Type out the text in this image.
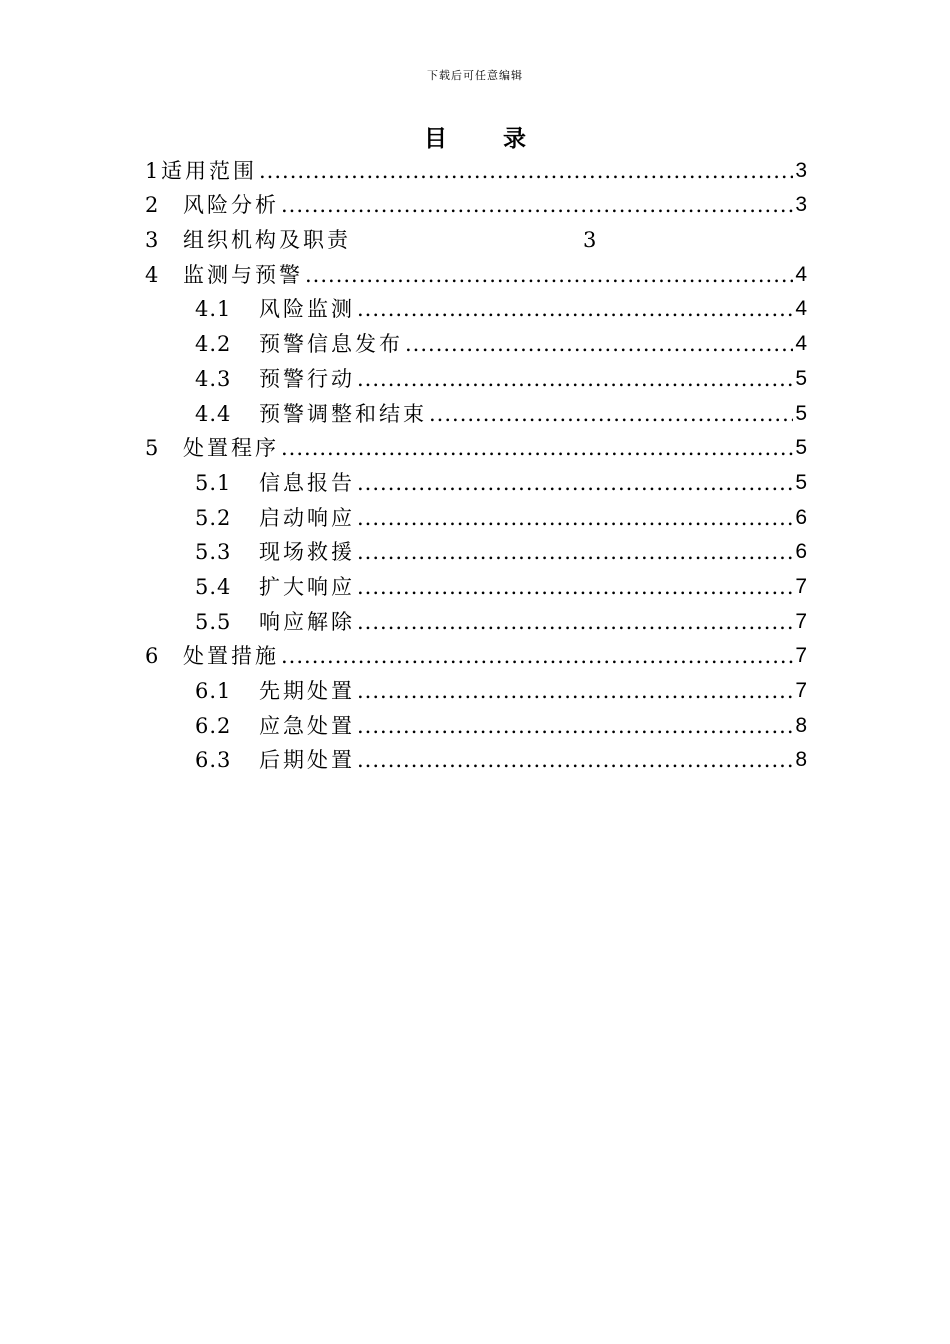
下载后可任意编辑
目 录
1 适用范围 .....	3
2	风险分析 .....	3
3	组织机构及职责	3
4	监测与预警 .....	4
4.1	风险监测 .....	4
4.2	预警信息发布 .....	4
4.3	预警行动 .....	5
4.4	预警调整和结束 .....	5
5	处置程序 .....	5
5.1	信息报告 .....	5
5.2	启动响应 .....	6
5.3	现场救援 .....	6
5.4	扩大响应 .....	7
5.5	响应解除 .....	7
6	处置措施 .....	7
6.1	先期处置 .....	7
6.2	应急处置 .....	8
6.3	后期处置 .....	8
